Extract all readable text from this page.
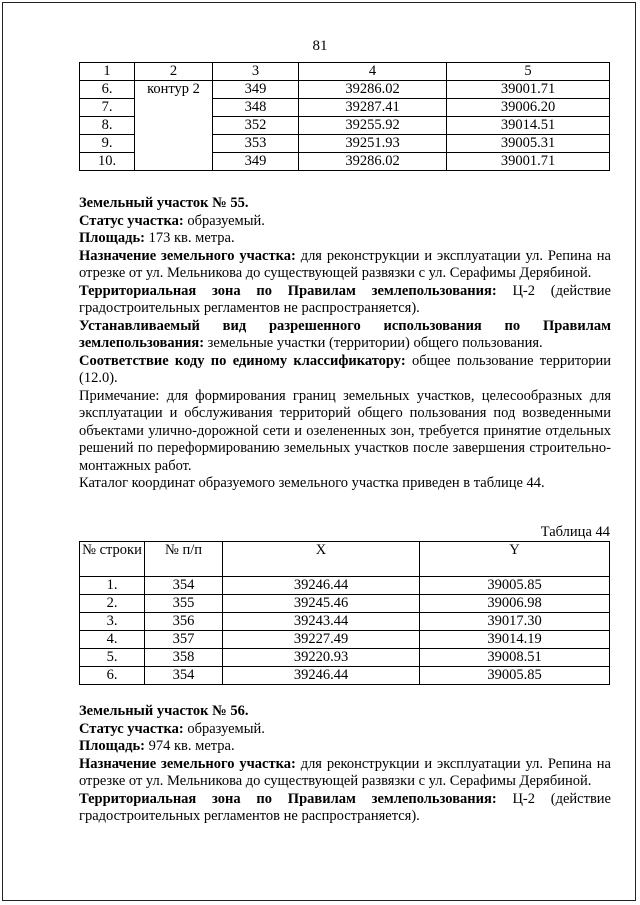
81
1	2	3	4	5
6.	контур 2	349	39286.02	39001.71
7.		348	39287.41	39006.20
8.		352	39255.92	39014.51
9.		353	39251.93	39005.31
10.		349	39286.02	39001.71

Земельный участок № 55.

Статус участка: образуемый.

Площадь: 173 кв. метра.

Назначение земельного участка: для реконструкции и эксплуатации ул. Репина на отрезке от ул. Мельникова до существующей развязки с ул. Серафимы Дерябиной.

Территориальная зона по Правилам землепользования: Ц-2 (действие градостроительных регламентов не распространяется).

Устанавливаемый вид разрешенного использования по Правилам землепользования: земельные участки (территории) общего пользования.

Соответствие коду по единому классификатору: общее пользование территории (12.0).

Примечание: для формирования границ земельных участков, целесообразных для эксплуатации и обслуживания территорий общего пользования под возведенными объектами улично-дорожной сети и озелененных зон, требуется принятие отдельных решений по переформированию земельных участков после завершения строительно-монтажных работ.

Каталог координат образуемого земельного участка приведен в таблице 44.

Таблица 44
№ строки	№ п/п	X	Y
1.	354	39246.44	39005.85
2.	355	39245.46	39006.98
3.	356	39243.44	39017.30
4.	357	39227.49	39014.19
5.	358	39220.93	39008.51
6.	354	39246.44	39005.85

Земельный участок № 56.

Статус участка: образуемый.

Площадь: 974 кв. метра.

Назначение земельного участка: для реконструкции и эксплуатации ул. Репина на отрезке от ул. Мельникова до существующей развязки с ул. Серафимы Дерябиной.

Территориальная зона по Правилам землепользования: Ц-2 (действие градостроительных регламентов не распространяется).
